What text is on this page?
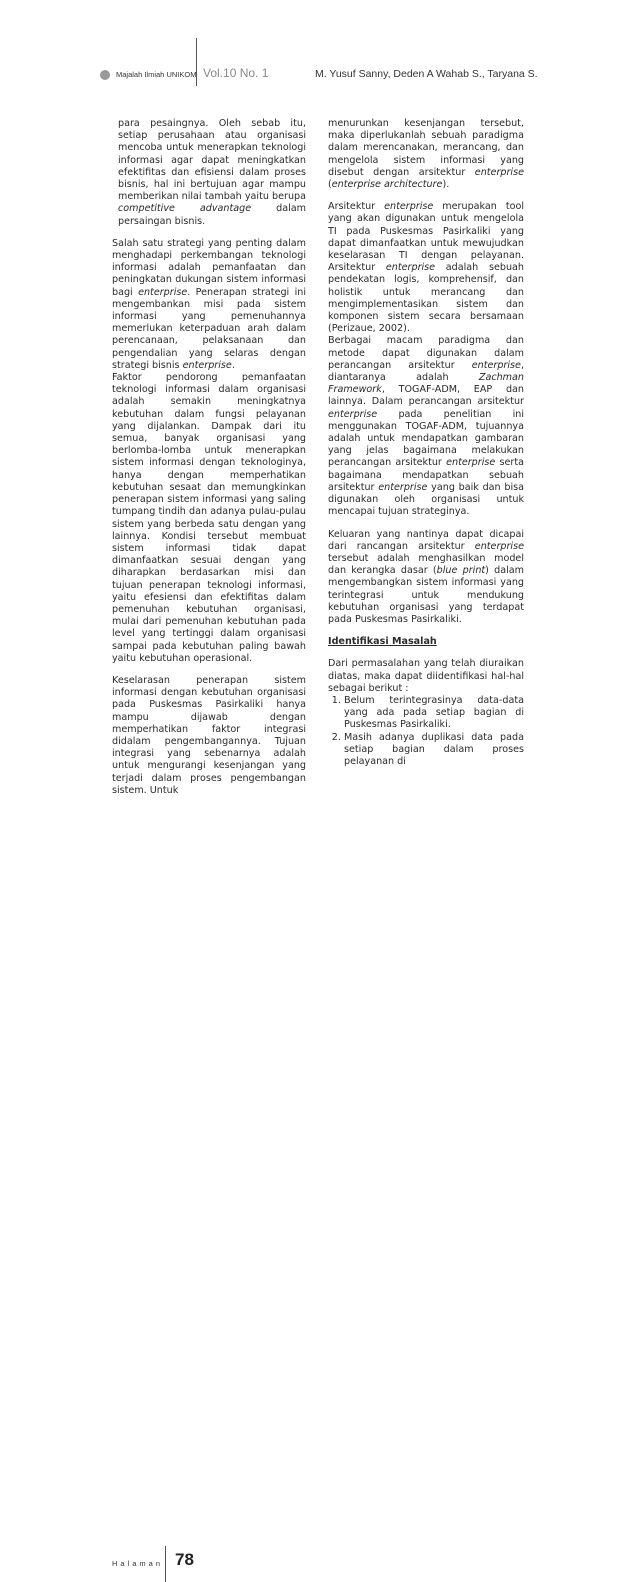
Majalah Ilmiah UNIKOM Vol.10 No. 1	M. Yusuf Sanny, Deden A Wahab S., Taryana S.

para pesaingnya. Oleh sebab itu, setiap perusahaan atau organisasi mencoba untuk menerapkan teknologi informasi agar dapat meningkatkan efektifitas dan efisiensi dalam proses bisnis, hal ini bertujuan agar mampu memberikan nilai tambah yaitu berupa competitive advantage dalam persaingan bisnis.

Salah satu strategi yang penting dalam menghadapi perkembangan teknologi informasi adalah pemanfaatan dan peningkatan dukungan sistem informasi bagi enterprise. Penerapan strategi ini mengembankan misi pada sistem informasi yang pemenuhannya memerlukan keterpaduan arah dalam perencanaan, pelaksanaan dan pengendalian yang selaras dengan strategi bisnis enterprise.

Faktor pendorong pemanfaatan teknologi informasi dalam organisasi adalah semakin meningkatnya kebutuhan dalam fungsi pelayanan yang dijalankan. Dampak dari itu semua, banyak organisasi yang berlomba-lomba untuk menerapkan sistem informasi dengan teknologinya, hanya dengan memperhatikan kebutuhan sesaat dan memungkinkan penerapan sistem informasi yang saling tumpang tindih dan adanya pulau-pulau sistem yang berbeda satu dengan yang lainnya. Kondisi tersebut membuat sistem informasi tidak dapat dimanfaatkan sesuai dengan yang diharapkan berdasarkan misi dan tujuan penerapan teknologi informasi, yaitu efesiensi dan efektifitas dalam pemenuhan kebutuhan organisasi, mulai dari pemenuhan kebutuhan pada level yang tertinggi dalam organisasi sampai pada kebutuhan paling bawah yaitu kebutuhan operasional.

Keselarasan penerapan sistem informasi dengan kebutuhan organisasi pada Puskesmas Pasirkaliki hanya mampu dijawab dengan memperhatikan faktor integrasi didalam pengembangannya. Tujuan integrasi yang sebenarnya adalah untuk mengurangi kesenjangan yang terjadi dalam proses pengembangan sistem. Untuk

menurunkan kesenjangan tersebut, maka diperlukanlah sebuah paradigma dalam merencanakan, merancang, dan mengelola sistem informasi yang disebut dengan arsitektur enterprise (enterprise architecture).

Arsitektur enterprise merupakan tool yang akan digunakan untuk mengelola TI pada Puskesmas Pasirkaliki yang dapat dimanfaatkan untuk mewujudkan keselarasan TI dengan pelayanan. Arsitektur enterprise adalah sebuah pendekatan logis, komprehensif, dan holistik untuk merancang dan mengimplementasikan sistem dan komponen sistem secara bersamaan (Perizaue, 2002).

Berbagai macam paradigma dan metode dapat digunakan dalam perancangan arsitektur enterprise, diantaranya adalah Zachman Framework, TOGAF-ADM, EAP dan lainnya. Dalam perancangan arsitektur enterprise pada penelitian ini menggunakan TOGAF-ADM, tujuannya adalah untuk mendapatkan gambaran yang jelas bagaimana melakukan perancangan arsitektur enterprise serta bagaimana mendapatkan sebuah arsitektur enterprise yang baik dan bisa digunakan oleh organisasi untuk mencapai tujuan strateginya.

Keluaran yang nantinya dapat dicapai dari rancangan arsitektur enterprise tersebut adalah menghasilkan model dan kerangka dasar (blue print) dalam mengembangkan sistem informasi yang terintegrasi untuk mendukung kebutuhan organisasi yang terdapat pada Puskesmas Pasirkaliki.

Identifikasi Masalah

Dari permasalahan yang telah diuraikan diatas, maka dapat diidentifikasi hal-hal sebagai berikut :

1. Belum terintegrasinya data-data yang ada pada setiap bagian di Puskesmas Pasirkaliki.
2. Masih adanya duplikasi data pada setiap bagian dalam proses pelayanan di
Halaman 78
